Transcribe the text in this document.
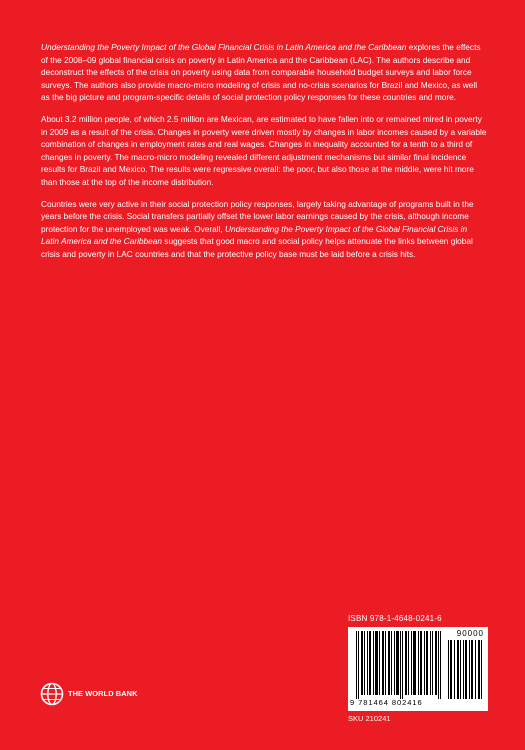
Understanding the Poverty Impact of the Global Financial Crisis in Latin America and the Caribbean explores the effects of the 2008–09 global financial crisis on poverty in Latin America and the Caribbean (LAC). The authors describe and deconstruct the effects of the crisis on poverty using data from comparable household budget surveys and labor force surveys. The authors also provide macro-micro modeling of crisis and no-crisis scenarios for Brazil and Mexico, as well as the big picture and program-specific details of social protection policy responses for these countries and more.

About 3.2 million people, of which 2.5 million are Mexican, are estimated to have fallen into or remained mired in poverty in 2009 as a result of the crisis. Changes in poverty were driven mostly by changes in labor incomes caused by a variable combination of changes in employment rates and real wages. Changes in inequality accounted for a tenth to a third of changes in poverty. The macro-micro modeling revealed different adjustment mechanisms but similar final incidence results for Brazil and Mexico. The results were regressive overall: the poor, but also those at the middle, were hit more than those at the top of the income distribution.

Countries were very active in their social protection policy responses, largely taking advantage of programs built in the years before the crisis. Social transfers partially offset the lower labor earnings caused by the crisis, although income protection for the unemployed was weak. Overall, Understanding the Poverty Impact of the Global Financial Crisis in Latin America and the Caribbean suggests that good macro and social policy helps attenuate the links between global crisis and poverty in LAC countries and that the protective policy base must be laid before a crisis hits.

ISBN 978-1-4648-0241-6
90000
9 781464 802416
SKU 210241
THE WORLD BANK
